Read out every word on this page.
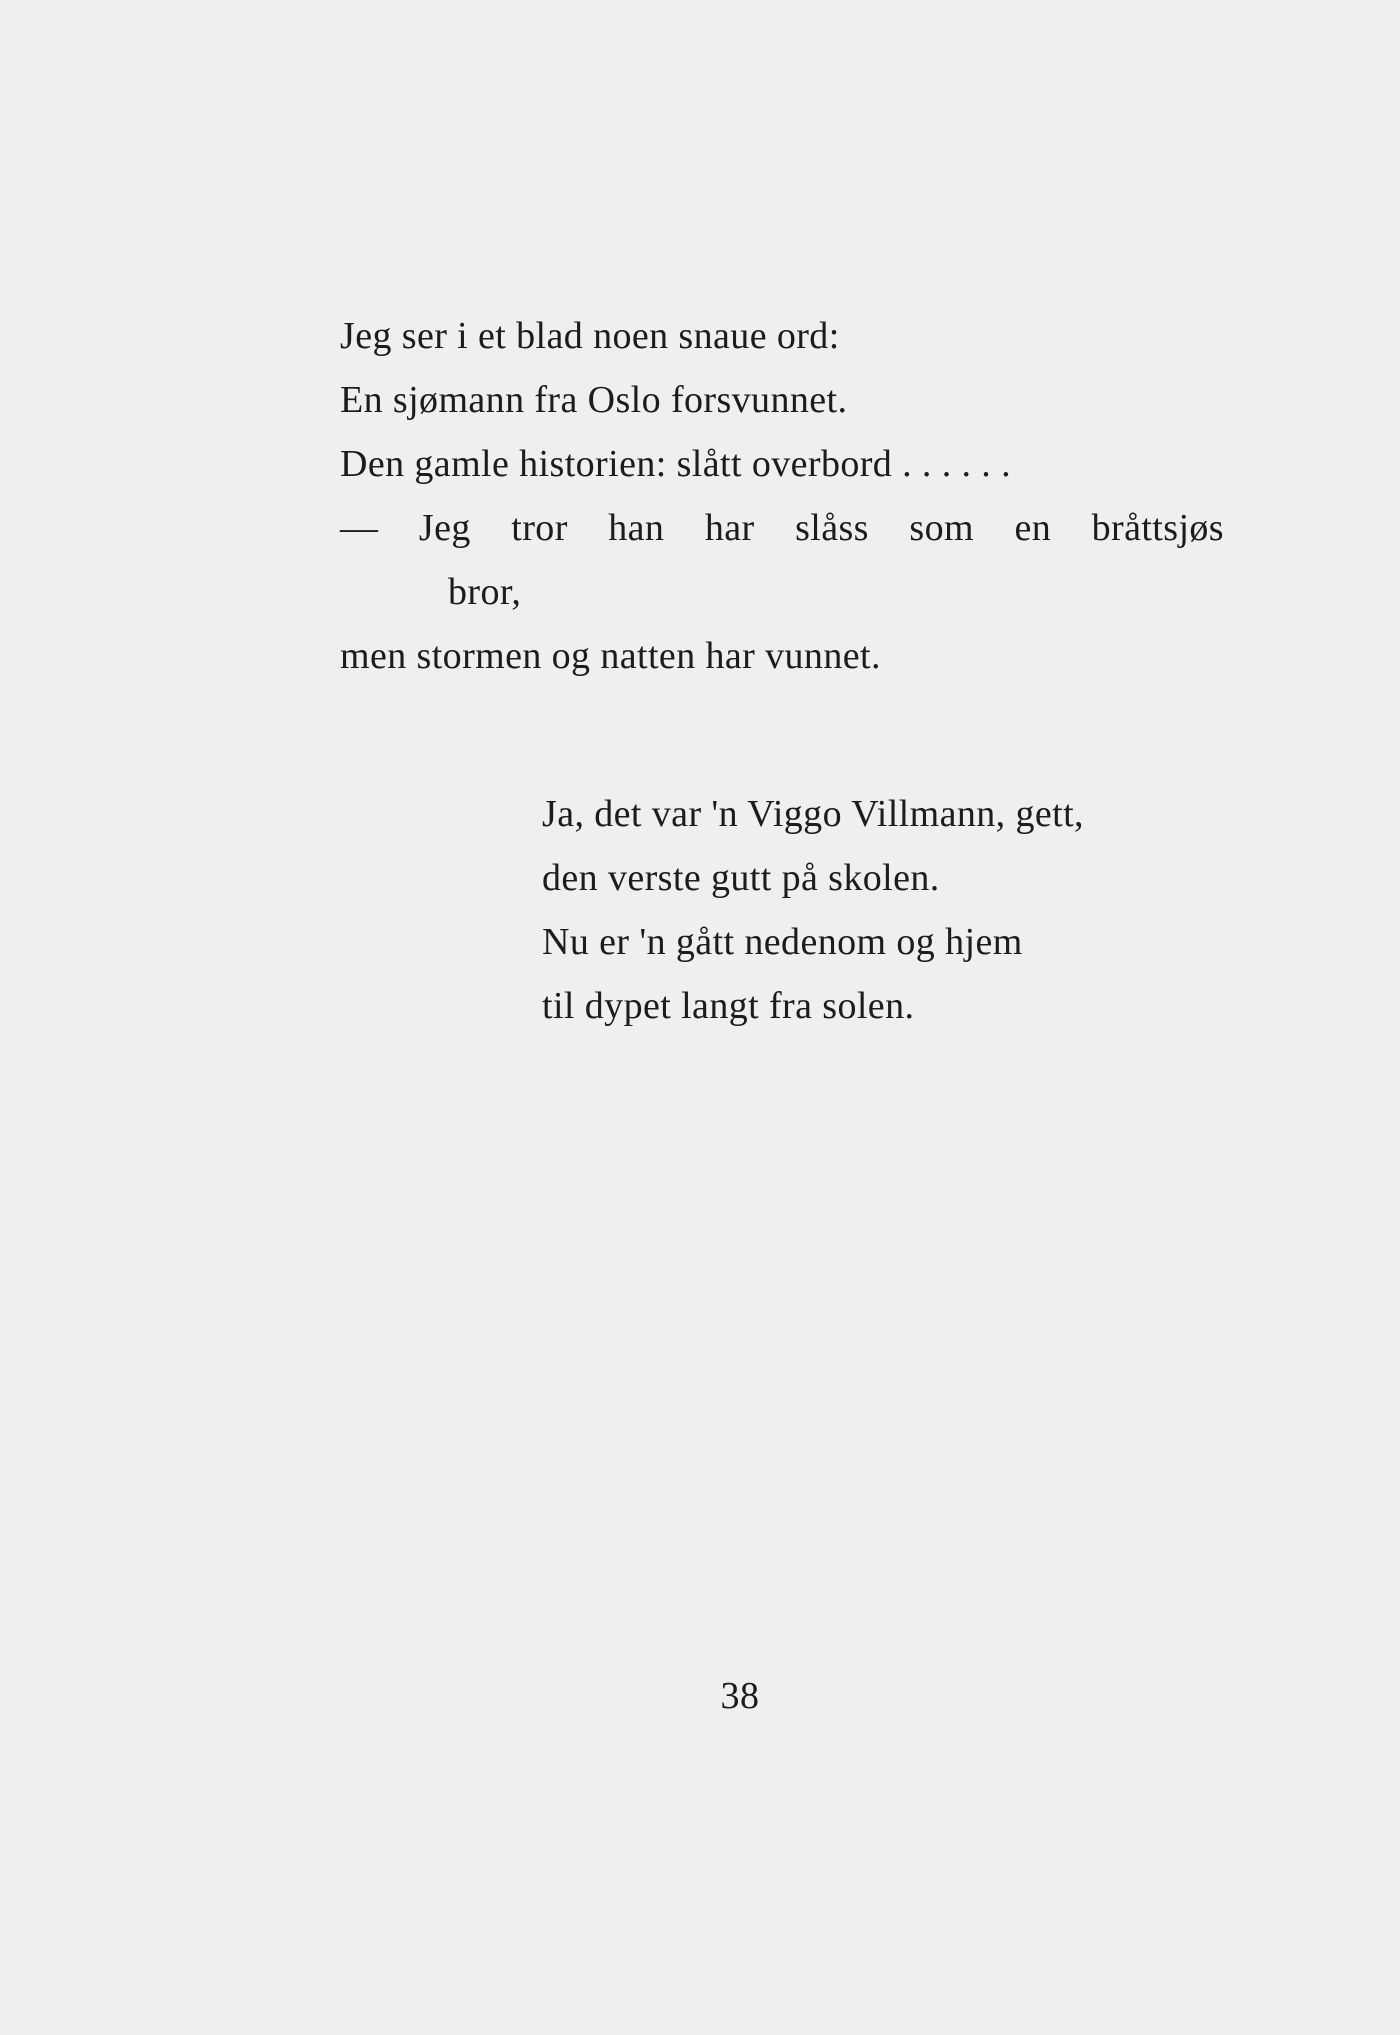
Jeg ser i et blad noen snaue ord:
En sjømann fra Oslo forsvunnet.
Den gamle historien: slått overbord . . . . . .
— Jeg tror han har slåss som en bråttsjøs
bror,
men stormen og natten har vunnet.
Ja, det var 'n Viggo Villmann, gett,
den verste gutt på skolen.
Nu er 'n gått nedenom og hjem
til dypet langt fra solen.
38
